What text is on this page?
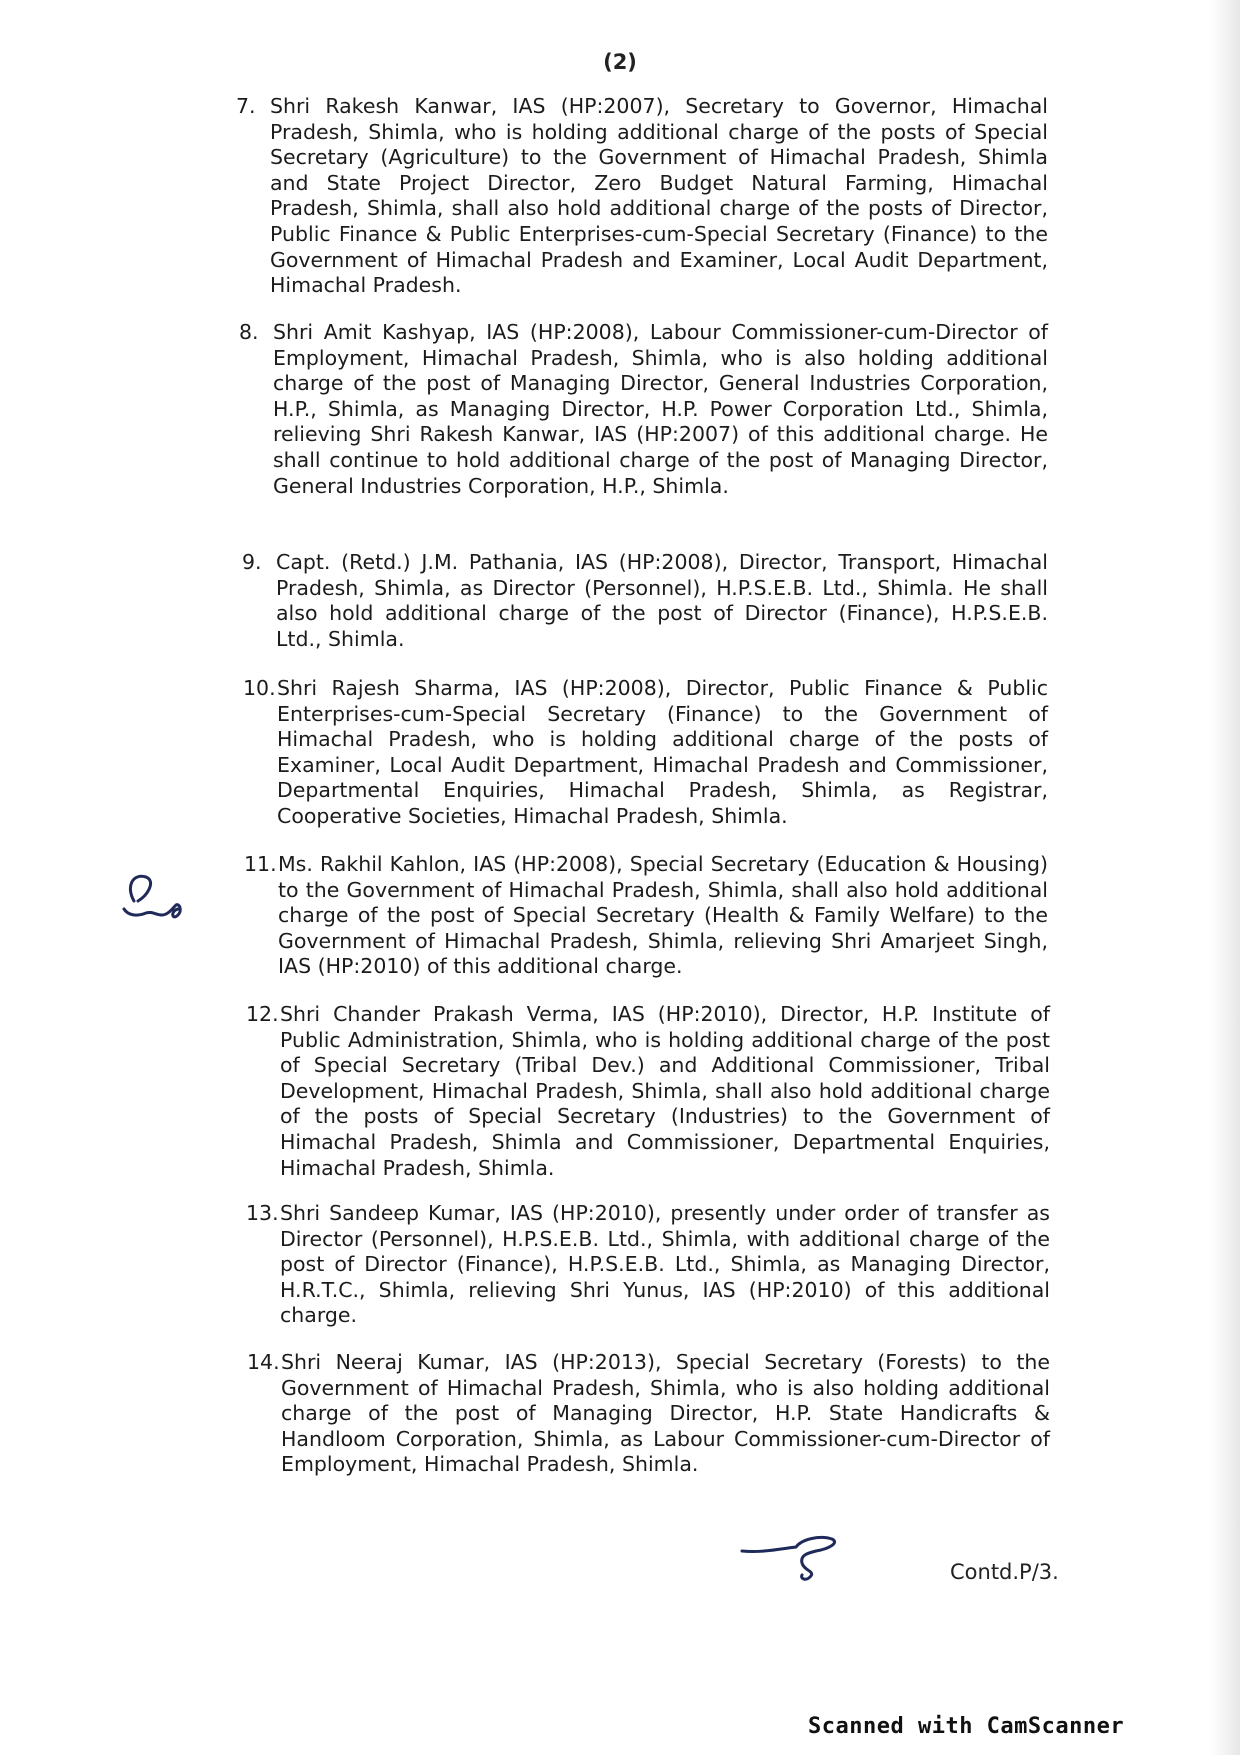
(2)
7. Shri Rakesh Kanwar, IAS (HP:2007), Secretary to Governor, Himachal Pradesh, Shimla, who is holding additional charge of the posts of Special Secretary (Agriculture) to the Government of Himachal Pradesh, Shimla and State Project Director, Zero Budget Natural Farming, Himachal Pradesh, Shimla, shall also hold additional charge of the posts of Director, Public Finance & Public Enterprises-cum-Special Secretary (Finance) to the Government of Himachal Pradesh and Examiner, Local Audit Department, Himachal Pradesh.

8. Shri Amit Kashyap, IAS (HP:2008), Labour Commissioner-cum-Director of Employment, Himachal Pradesh, Shimla, who is also holding additional charge of the post of Managing Director, General Industries Corporation, H.P., Shimla, as Managing Director, H.P. Power Corporation Ltd., Shimla, relieving Shri Rakesh Kanwar, IAS (HP:2007) of this additional charge. He shall continue to hold additional charge of the post of Managing Director, General Industries Corporation, H.P., Shimla.

9. Capt. (Retd.) J.M. Pathania, IAS (HP:2008), Director, Transport, Himachal Pradesh, Shimla, as Director (Personnel), H.P.S.E.B. Ltd., Shimla. He shall also hold additional charge of the post of Director (Finance), H.P.S.E.B. Ltd., Shimla.

10. Shri Rajesh Sharma, IAS (HP:2008), Director, Public Finance & Public Enterprises-cum-Special Secretary (Finance) to the Government of Himachal Pradesh, who is holding additional charge of the posts of Examiner, Local Audit Department, Himachal Pradesh and Commissioner, Departmental Enquiries, Himachal Pradesh, Shimla, as Registrar, Cooperative Societies, Himachal Pradesh, Shimla.

11. Ms. Rakhil Kahlon, IAS (HP:2008), Special Secretary (Education & Housing) to the Government of Himachal Pradesh, Shimla, shall also hold additional charge of the post of Special Secretary (Health & Family Welfare) to the Government of Himachal Pradesh, Shimla, relieving Shri Amarjeet Singh, IAS (HP:2010) of this additional charge.

12. Shri Chander Prakash Verma, IAS (HP:2010), Director, H.P. Institute of Public Administration, Shimla, who is holding additional charge of the post of Special Secretary (Tribal Dev.) and Additional Commissioner, Tribal Development, Himachal Pradesh, Shimla, shall also hold additional charge of the posts of Special Secretary (Industries) to the Government of Himachal Pradesh, Shimla and Commissioner, Departmental Enquiries, Himachal Pradesh, Shimla.

13. Shri Sandeep Kumar, IAS (HP:2010), presently under order of transfer as Director (Personnel), H.P.S.E.B. Ltd., Shimla, with additional charge of the post of Director (Finance), H.P.S.E.B. Ltd., Shimla, as Managing Director, H.R.T.C., Shimla, relieving Shri Yunus, IAS (HP:2010) of this additional charge.

14. Shri Neeraj Kumar, IAS (HP:2013), Special Secretary (Forests) to the Government of Himachal Pradesh, Shimla, who is also holding additional charge of the post of Managing Director, H.P. State Handicrafts & Handloom Corporation, Shimla, as Labour Commissioner-cum-Director of Employment, Himachal Pradesh, Shimla.

Contd.P/3.
Scanned with CamScanner
